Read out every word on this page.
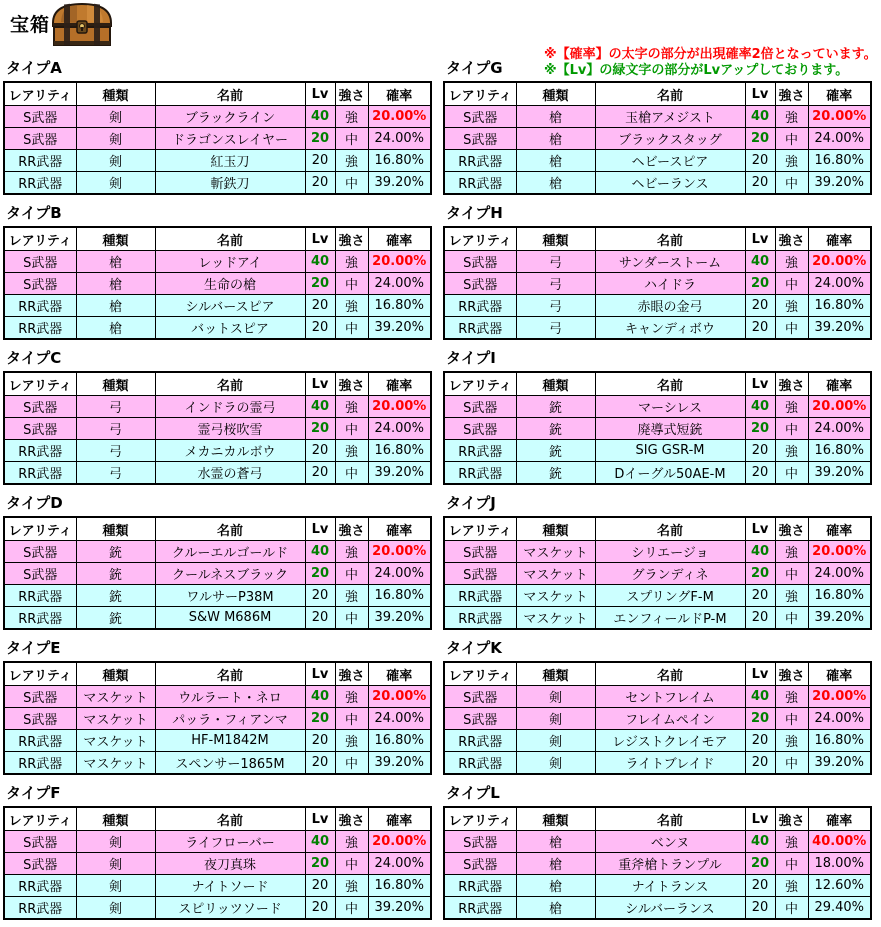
宝箱
※【確率】の太字の部分が出現確率2倍となっています。
※【Lv】の緑文字の部分がLvアップしております。
タイプA
レアリティ	種類	名前	Lv	強さ	確率
S武器	剣	ブラックライン	40	強	20.00%
S武器	剣	ドラゴンスレイヤー	20	中	24.00%
RR武器	剣	紅玉刀	20	強	16.80%
RR武器	剣	斬鉄刀	20	中	39.20%
タイプB
レアリティ	種類	名前	Lv	強さ	確率
S武器	槍	レッドアイ	40	強	20.00%
S武器	槍	生命の槍	20	中	24.00%
RR武器	槍	シルバースピア	20	強	16.80%
RR武器	槍	バットスピア	20	中	39.20%
タイプC
レアリティ	種類	名前	Lv	強さ	確率
S武器	弓	インドラの霊弓	40	強	20.00%
S武器	弓	霊弓桜吹雪	20	中	24.00%
RR武器	弓	メカニカルボウ	20	強	16.80%
RR武器	弓	水霊の蒼弓	20	中	39.20%
タイプD
レアリティ	種類	名前	Lv	強さ	確率
S武器	銃	クルーエルゴールド	40	強	20.00%
S武器	銃	クールネスブラック	20	中	24.00%
RR武器	銃	ワルサーP38M	20	強	16.80%
RR武器	銃	S&W M686M	20	中	39.20%
タイプE
レアリティ	種類	名前	Lv	強さ	確率
S武器	マスケット	ウルラート・ネロ	40	強	20.00%
S武器	マスケット	パッラ・フィアンマ	20	中	24.00%
RR武器	マスケット	HF-M1842M	20	強	16.80%
RR武器	マスケット	スペンサー1865M	20	中	39.20%
タイプF
レアリティ	種類	名前	Lv	強さ	確率
S武器	剣	ライフローバー	40	強	20.00%
S武器	剣	夜刀真珠	20	中	24.00%
RR武器	剣	ナイトソード	20	強	16.80%
RR武器	剣	スピリッツソード	20	中	39.20%
タイプG
レアリティ	種類	名前	Lv	強さ	確率
S武器	槍	玉槍アメジスト	40	強	20.00%
S武器	槍	ブラックスタッグ	20	中	24.00%
RR武器	槍	ヘビースピア	20	強	16.80%
RR武器	槍	ヘビーランス	20	中	39.20%
タイプH
レアリティ	種類	名前	Lv	強さ	確率
S武器	弓	サンダーストーム	40	強	20.00%
S武器	弓	ハイドラ	20	中	24.00%
RR武器	弓	赤眼の金弓	20	強	16.80%
RR武器	弓	キャンディボウ	20	中	39.20%
タイプI
レアリティ	種類	名前	Lv	強さ	確率
S武器	銃	マーシレス	40	強	20.00%
S武器	銃	廃導式短銃	20	中	24.00%
RR武器	銃	SIG GSR-M	20	強	16.80%
RR武器	銃	Dイーグル50AE-M	20	中	39.20%
タイプJ
レアリティ	種類	名前	Lv	強さ	確率
S武器	マスケット	シリエージョ	40	強	20.00%
S武器	マスケット	グランディネ	20	中	24.00%
RR武器	マスケット	スプリングF-M	20	強	16.80%
RR武器	マスケット	エンフィールドP-M	20	中	39.20%
タイプK
レアリティ	種類	名前	Lv	強さ	確率
S武器	剣	セントフレイム	40	強	20.00%
S武器	剣	フレイムペイン	20	中	24.00%
RR武器	剣	レジストクレイモア	20	強	16.80%
RR武器	剣	ライトブレイド	20	中	39.20%
タイプL
レアリティ	種類	名前	Lv	強さ	確率
S武器	槍	ベンヌ	40	強	40.00%
S武器	槍	重斧槍トランプル	20	中	18.00%
RR武器	槍	ナイトランス	20	強	12.60%
RR武器	槍	シルバーランス	20	中	29.40%
